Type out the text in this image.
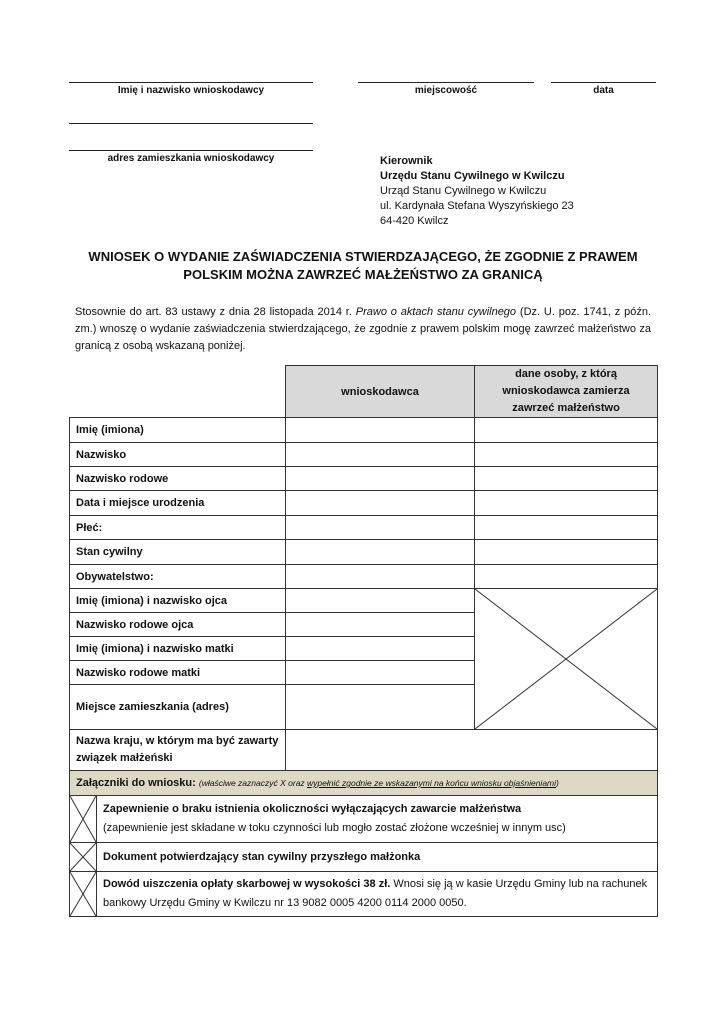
Imię i nazwisko wnioskodawcy	miejscowość	data
adres zamieszkania wnioskodawcy	Kierownik
Urzędu Stanu Cywilnego w Kwilczu
Urząd Stanu Cywilnego w Kwilczu
ul. Kardynała Stefana Wyszyńskiego 23
64-420 Kwilcz
WNIOSEK O WYDANIE ZAŚWIADCZENIA STWIERDZAJĄCEGO, ŻE ZGODNIE Z PRAWEM
POLSKIM MOŻNA ZAWRZEĆ MAŁŻEŃSTWO ZA GRANICĄ
Stosownie do art. 83 ustawy z dnia 28 listopada 2014 r. Prawo o aktach stanu cywilnego (Dz. U. poz. 1741, z późn. zm.) wnoszę o wydanie zaświadczenia stwierdzającego, że zgodnie z prawem polskim mogę zawrzeć małżeństwo za granicą z osobą wskazaną poniżej.
		wnioskodawca	dane osoby, z którą
wnioskodawca zamierza
zawrzeć małżeństwo

Imię (imiona)			
Nazwisko			
Nazwisko rodowe			
Data i miejsce urodzenia			
Płeć:			
Stan cywilny			
Obywatelstwo:			
Imię (imiona) i nazwisko ojca		

Nazwisko rodowe ojca			
Imię (imiona) i nazwisko matki			
Nazwisko rodowe matki			
Miejsce zamieszkania (adres)			

Nazwa kraju, w którym ma być zawarty
związek małżeński			

Załączniki do wniosku: (właściwe zaznaczyć X oraz wypełnić zgodnie ze wskazanymi na końcu wniosku objaśnieniami)			

Zapewnienie o braku istnienia okoliczności wyłączających zawarcie małżeństwa
(zapewnienie jest składane w toku czynności lub mogło zostać złożone wcześniej w innym usc)		

	Dokument potwierdzający stan cywilny przyszłego małżonka		

	Dowód uiszczenia opłaty skarbowej w wysokości 38 zł. Wnosi się ją w kasie Urzędu Gminy lub na rachunek bankowy Urzędu Gminy w Kwilczu nr 13 9082 0005 4200 0114 2000 0050.		
